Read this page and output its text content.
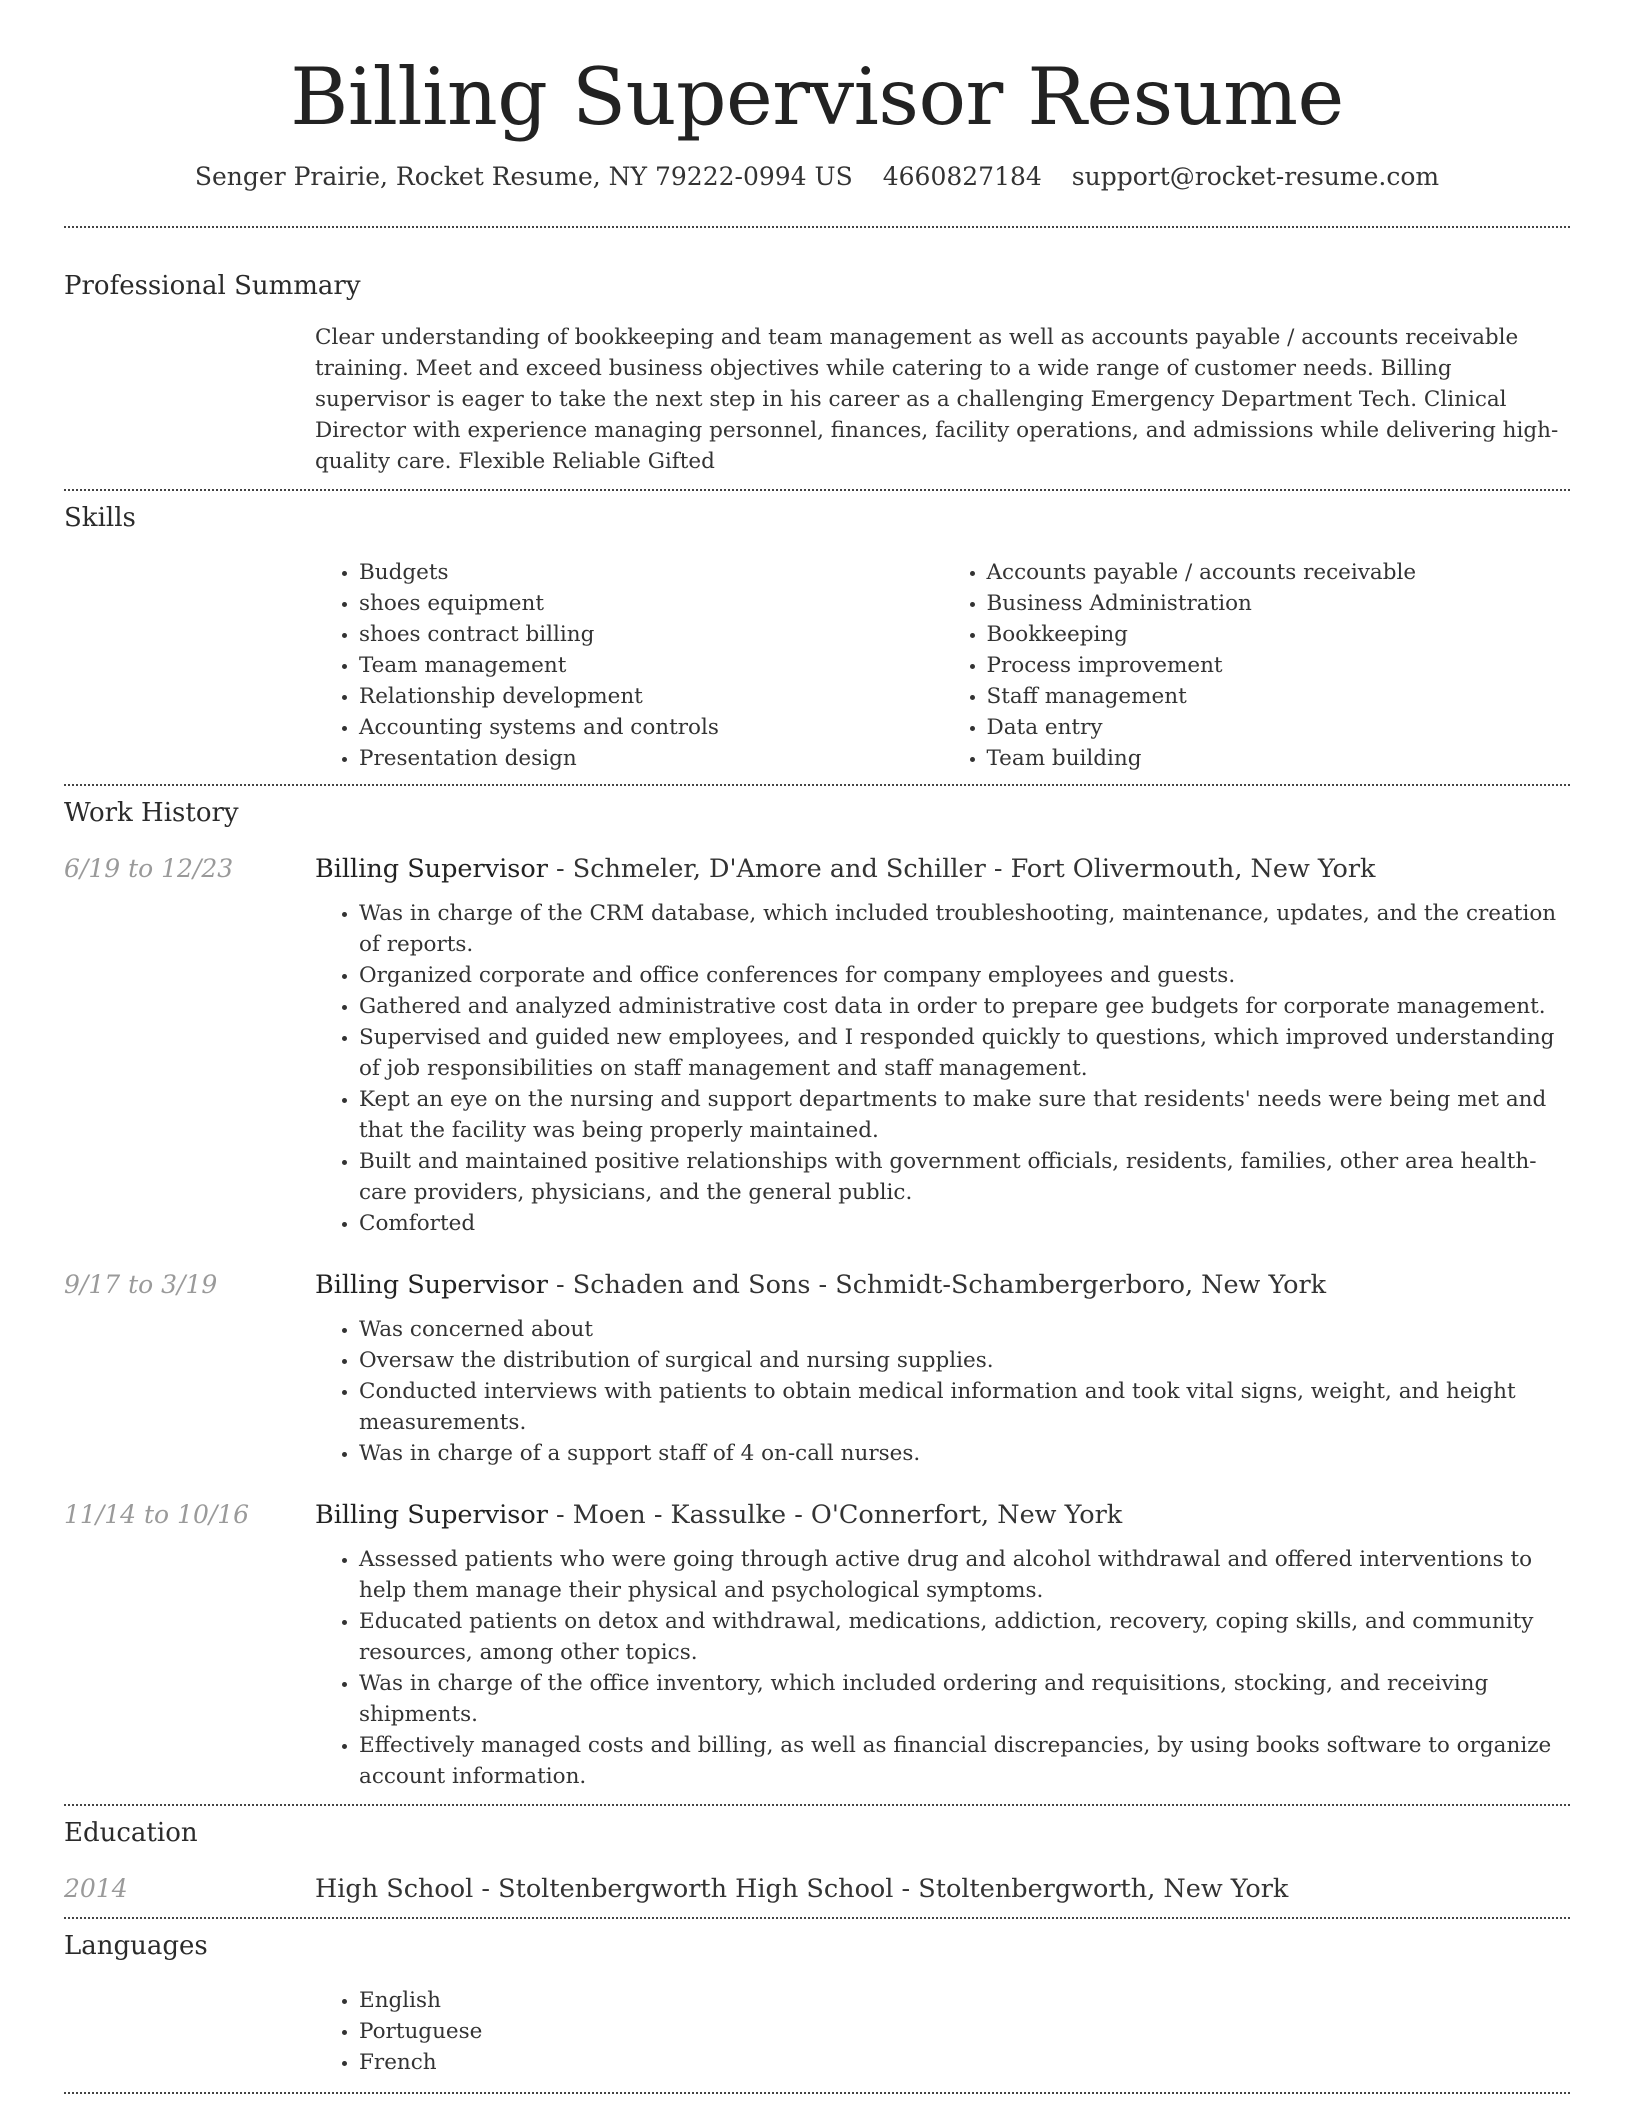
Billing Supervisor Resume
Senger Prairie, Rocket Resume, NY 79222-0994 US	4660827184	support@rocket-resume.com
Professional Summary

Clear understanding of bookkeeping and team management as well as accounts payable / accounts receivable training. Meet and exceed business objectives while catering to a wide range of customer needs. Billing supervisor is eager to take the next step in his career as a challenging Emergency Department Tech. Clinical Director with experience managing personnel, finances, facility operations, and admissions while delivering high-quality care. Flexible Reliable Gifted

Skills
• Budgets
• shoes equipment
• shoes contract billing
• Team management
• Relationship development
• Accounting systems and controls
• Presentation design
• Accounts payable / accounts receivable
• Business Administration
• Bookkeeping
• Process improvement
• Staff management
• Data entry
• Team building
Work History
6/19 to 12/23	Billing Supervisor - Schmeler, D'Amore and Schiller - Fort Olivermouth, New York
• Was in charge of the CRM database, which included troubleshooting, maintenance, updates, and the creation of reports.
• Organized corporate and office conferences for company employees and guests.
• Gathered and analyzed administrative cost data in order to prepare gee budgets for corporate management.
• Supervised and guided new employees, and I responded quickly to questions, which improved understanding of job responsibilities on staff management and staff management.
• Kept an eye on the nursing and support departments to make sure that residents' needs were being met and that the facility was being properly maintained.
• Built and maintained positive relationships with government officials, residents, families, other area health-care providers, physicians, and the general public.
• Comforted
9/17 to 3/19	Billing Supervisor - Schaden and Sons - Schmidt-Schambergerboro, New York
• Was concerned about
• Oversaw the distribution of surgical and nursing supplies.
• Conducted interviews with patients to obtain medical information and took vital signs, weight, and height measurements.
• Was in charge of a support staff of 4 on-call nurses.
11/14 to 10/16	Billing Supervisor - Moen - Kassulke - O'Connerfort, New York
• Assessed patients who were going through active drug and alcohol withdrawal and offered interventions to help them manage their physical and psychological symptoms.
• Educated patients on detox and withdrawal, medications, addiction, recovery, coping skills, and community resources, among other topics.
• Was in charge of the office inventory, which included ordering and requisitions, stocking, and receiving shipments.
• Effectively managed costs and billing, as well as financial discrepancies, by using books software to organize account information.
Education
2014	High School - Stoltenbergworth High School - Stoltenbergworth, New York
Languages
• English
• Portuguese
• French
